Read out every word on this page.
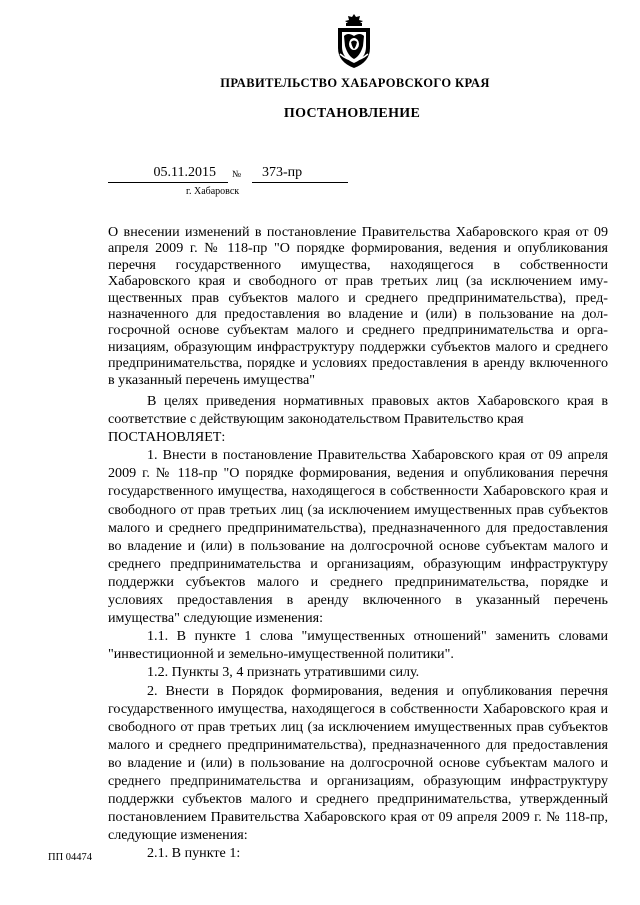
ПРАВИТЕЛЬСТВО ХАБАРОВСКОГО КРАЯ
ПОСТАНОВЛЕНИЕ
05.11.2015	№	373-пр
г. Хабаровск
О внесении изменений в постановление Правительства Хабаровского края от 09 апреля 2009 г. № 118-пр "О порядке формирования, ведения и опубликования перечня государственного имущества, находящегося в собственности Хабаровского края и свободного от прав третьих лиц (за исключением имущественных прав субъектов малого и среднего предпринимательства), предназначенного для предоставления во владение и (или) в пользование на долгосрочной основе субъектам малого и среднего предпринимательства и организациям, образующим инфраструктуру поддержки субъектов малого и среднего предпринимательства, порядке и условиях предоставления в аренду включенного в указанный перечень имущества"

В целях приведения нормативных правовых актов Хабаровского края в соответствие с действующим законодательством Правительство края

ПОСТАНОВЛЯЕТ:

1. Внести в постановление Правительства Хабаровского края от 09 апреля 2009 г. № 118-пр "О порядке формирования, ведения и опубликования перечня государственного имущества, находящегося в собственности Хабаровского края и свободного от прав третьих лиц (за исключением имущественных прав субъектов малого и среднего предпринимательства), предназначенного для предоставления во владение и (или) в пользование на долгосрочной основе субъектам малого и среднего предпринимательства и организациям, образующим инфраструктуру поддержки субъектов малого и среднего предпринимательства, порядке и условиях предоставления в аренду включенного в указанный перечень имущества" следующие изменения:

1.1. В пункте 1 слова "имущественных отношений" заменить словами "инвестиционной и земельно-имущественной политики".

1.2. Пункты 3, 4 признать утратившими силу.

2. Внести в Порядок формирования, ведения и опубликования перечня государственного имущества, находящегося в собственности Хабаровского края и свободного от прав третьих лиц (за исключением имущественных прав субъектов малого и среднего предпринимательства), предназначенного для предоставления во владение и (или) в пользование на долгосрочной основе субъектам малого и среднего предпринимательства и организациям, образующим инфраструктуру поддержки субъектов малого и среднего предпринимательства, утвержденный постановлением Правительства Хабаровского края от 09 апреля 2009 г. № 118-пр, следующие изменения:

2.1. В пункте 1:

ПП 04474
